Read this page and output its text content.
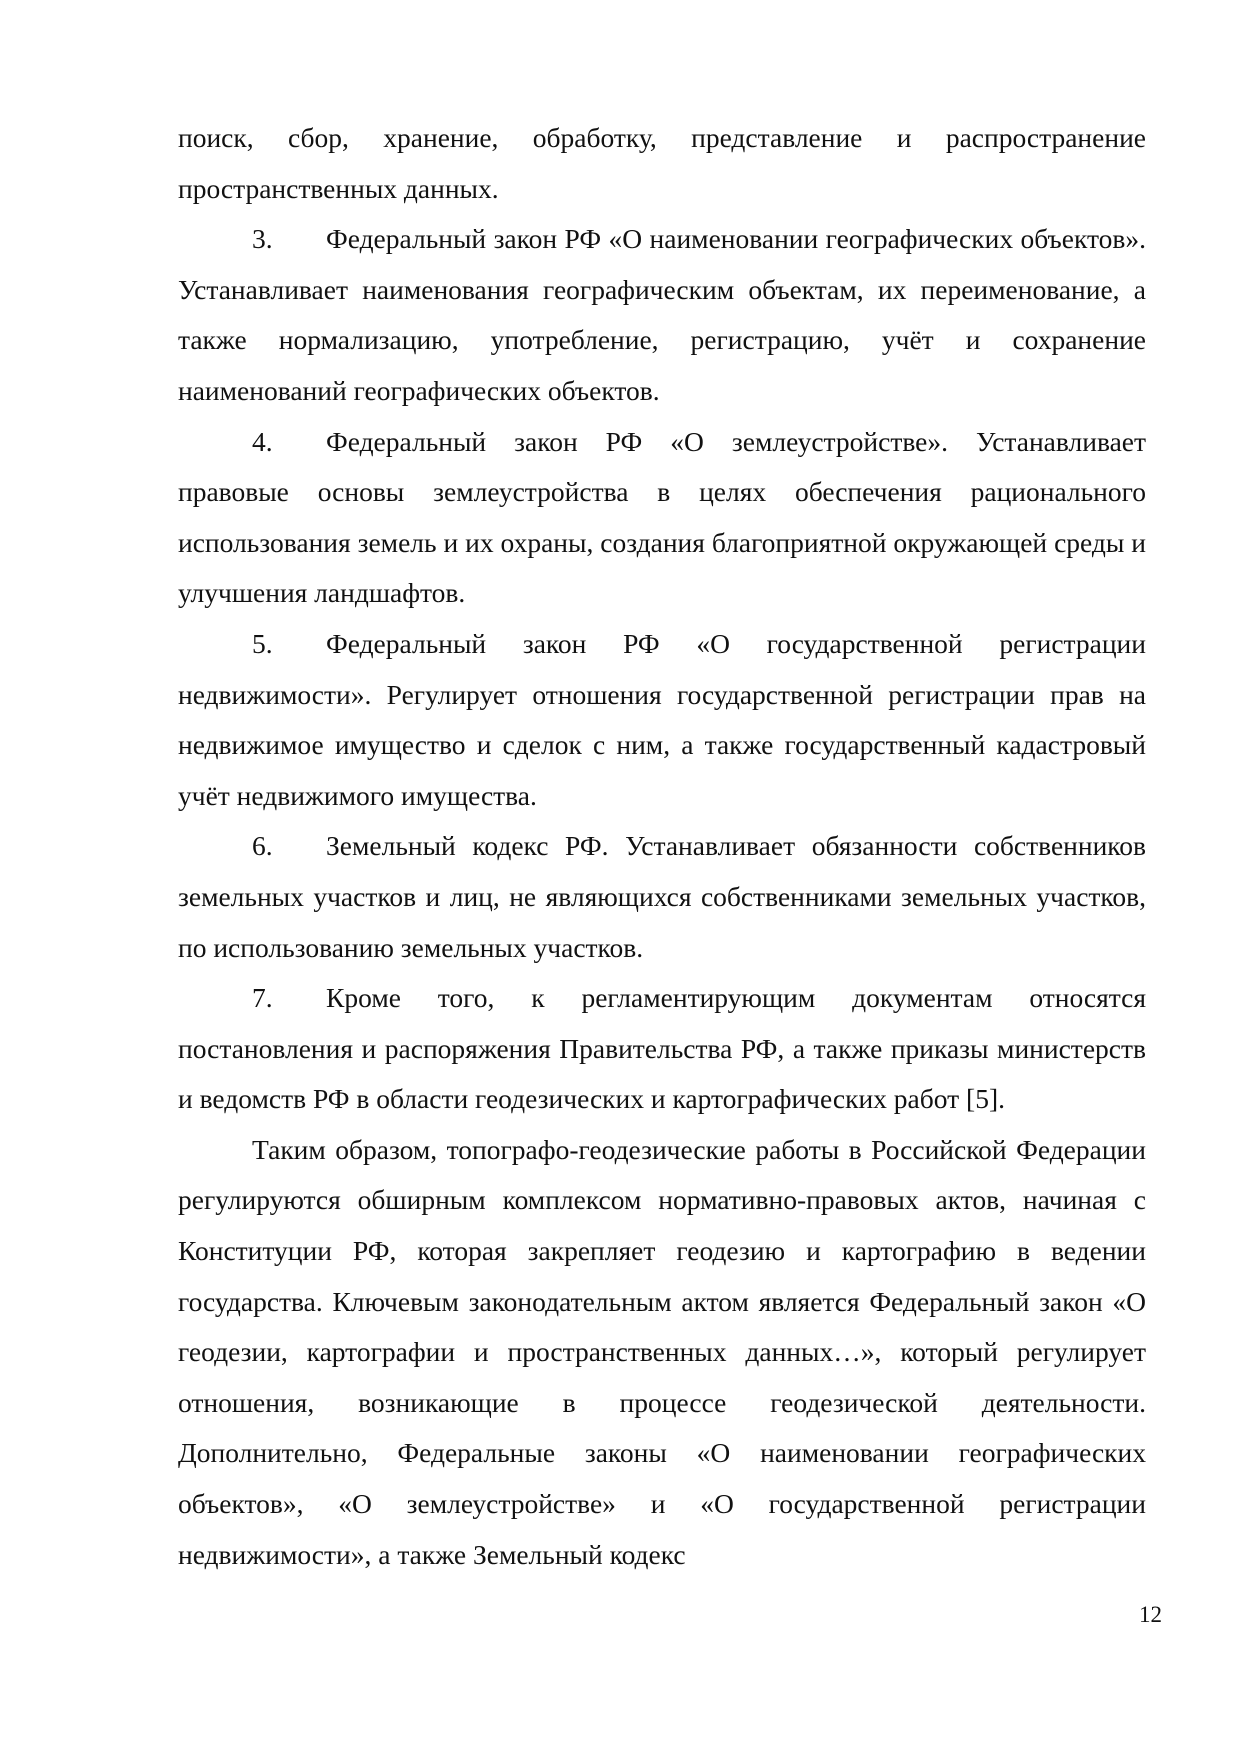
поиск, сбор, хранение, обработку, представление и распространение пространственных данных.

3. Федеральный закон РФ «О наименовании географических объектов». Устанавливает наименования географическим объектам, их переименование, а также нормализацию, употребление, регистрацию, учёт и сохранение наименований географических объектов.

4. Федеральный закон РФ «О землеустройстве». Устанавливает правовые основы землеустройства в целях обеспечения рационального использования земель и их охраны, создания благоприятной окружающей среды и улучшения ландшафтов.

5. Федеральный закон РФ «О государственной регистрации недвижимости». Регулирует отношения государственной регистрации прав на недвижимое имущество и сделок с ним, а также государственный кадастровый учёт недвижимого имущества.

6. Земельный кодекс РФ. Устанавливает обязанности собственников земельных участков и лиц, не являющихся собственниками земельных участков, по использованию земельных участков.

7. Кроме того, к регламентирующим документам относятся постановления и распоряжения Правительства РФ, а также приказы министерств и ведомств РФ в области геодезических и картографических работ [5].

Таким образом, топографо-геодезические работы в Российской Федерации регулируются обширным комплексом нормативно-правовых актов, начиная с Конституции РФ, которая закрепляет геодезию и картографию в ведении государства. Ключевым законодательным актом является Федеральный закон «О геодезии, картографии и пространственных данных…», который регулирует отношения, возникающие в процессе геодезической деятельности. Дополнительно, Федеральные законы «О наименовании географических объектов», «О землеустройстве» и «О государственной регистрации недвижимости», а также Земельный кодекс

12
